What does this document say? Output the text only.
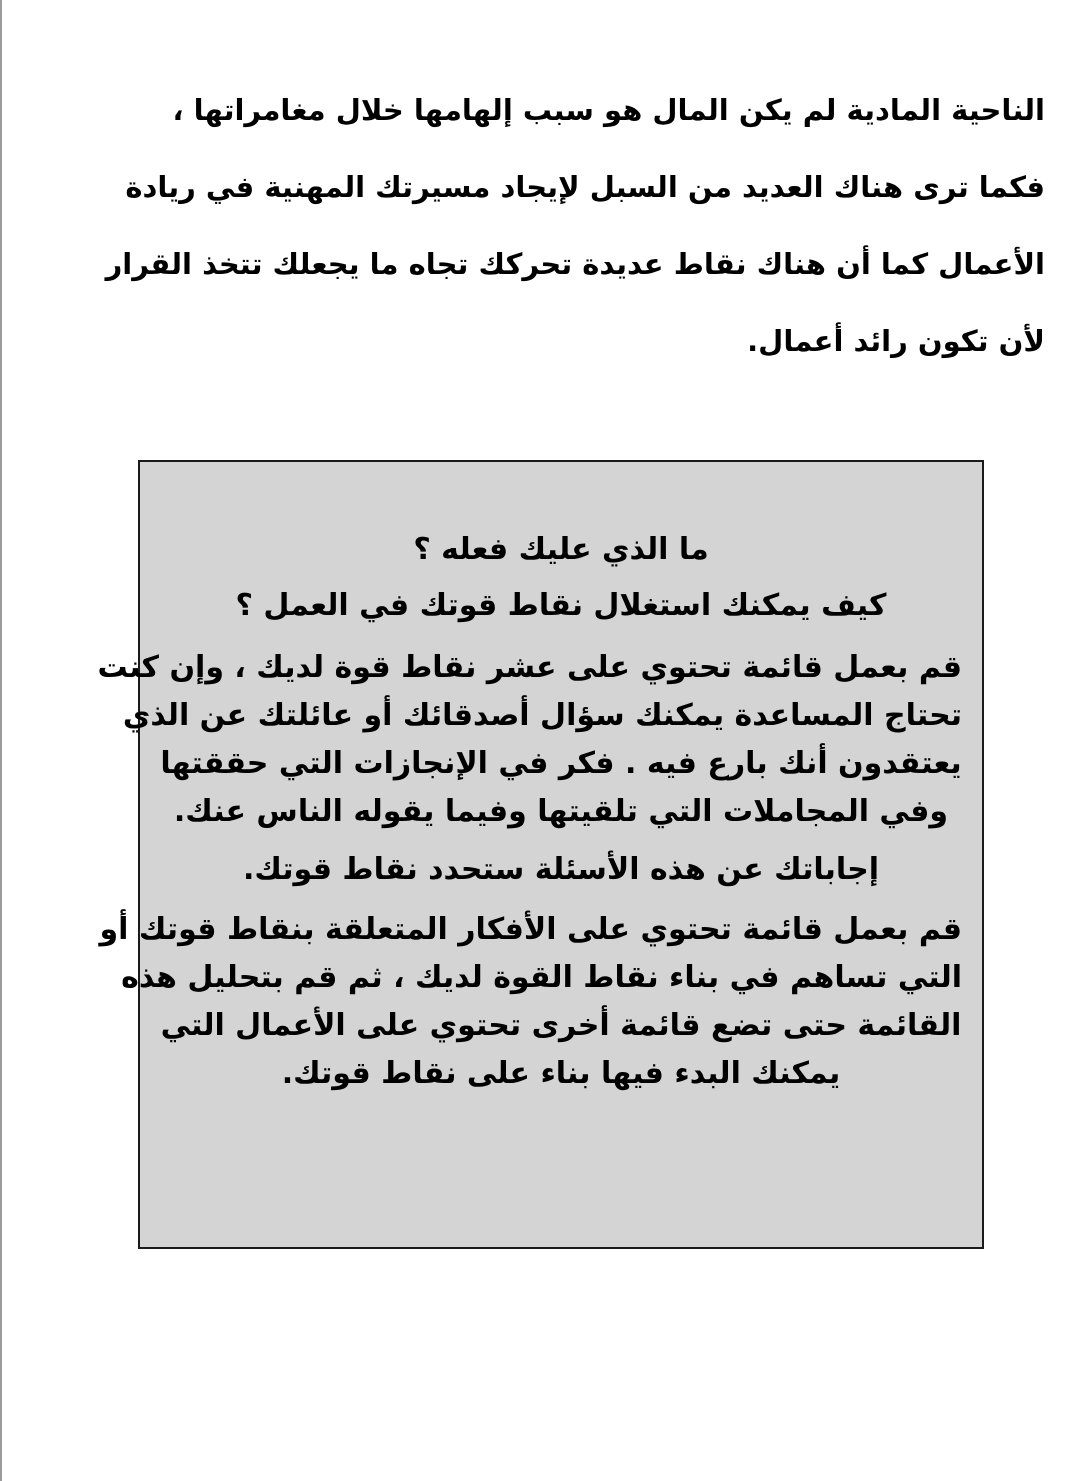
الناحية المادية لم يكن المال هو سبب إلهامها خلال مغامراتها ،
فكما ترى هناك العديد من السبل لإيجاد مسيرتك المهنية في ريادة
الأعمال كما أن هناك نقاط عديدة تحركك تجاه ما يجعلك تتخذ القرار
لأن تكون رائد أعمال.
ما الذي عليك فعله ؟
كيف يمكنك استغلال نقاط قوتك في العمل ؟
قم بعمل قائمة تحتوي على عشر نقاط قوة لديك ، وإن كنت
تحتاج المساعدة يمكنك سؤال أصدقائك أو عائلتك عن الذي
يعتقدون أنك بارع فيه . فكر في الإنجازات التي حققتها
وفي المجاملات التي تلقيتها وفيما يقوله الناس عنك.
إجاباتك عن هذه الأسئلة ستحدد نقاط قوتك.
قم بعمل قائمة تحتوي على الأفكار المتعلقة بنقاط قوتك أو
التي تساهم في بناء نقاط القوة لديك ، ثم قم بتحليل هذه
القائمة حتى تضع قائمة أخرى تحتوي على الأعمال التي
يمكنك البدء فيها بناء على نقاط قوتك.
